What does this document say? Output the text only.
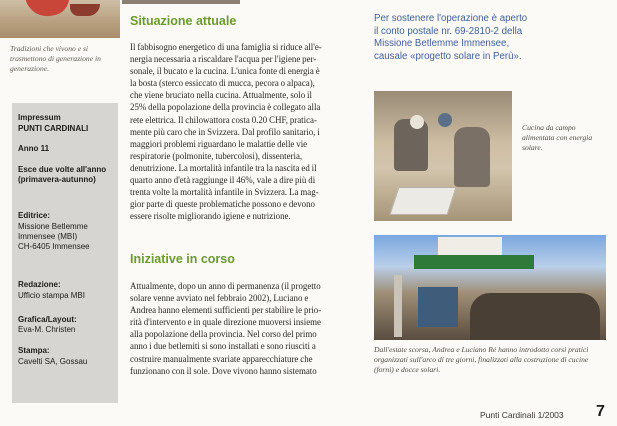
Tradizioni che vivono e si trasmettono di generazione in generazione.
Impressum
PUNTI CARDINALI
Anno 11
Esce due volte all'anno (primavera-autunno)
Editrice:
Missione Betlemme
Immensee (MBI)
CH-6405 Immensee
Redazione:
Ufficio stampa MBI
Grafica/Layout:
Eva-M. Christen
Stampa:
Cavelti SA, Gossau
Situazione attuale
Il fabbisogno energetico di una famiglia si riduce all'e-
nergia necessaria a riscaldare l'acqua per l'igiene per-
sonale, il bucato e la cucina. L'unica fonte di energia è
la bosta (sterco essiccato di mucca, pecora o alpaca),
che viene bruciato nella cucina. Attualmente, solo il
25% della popolazione della provincia è collegato alla
rete elettrica. Il chilowattora costa 0.20 CHF, pratica-
mente più caro che in Svizzera. Dal profilo sanitario, i
maggiori problemi riguardano le malattie delle vie
respiratorie (polmonite, tubercolosi), dissenteria,
denutrizione. La mortalità infantile tra la nascita ed il
quarto anno d'età raggiunge il 46%, vale a dire più di
trenta volte la mortalità infantile in Svizzera. La mag-
gior parte di queste problematiche possono e devono
essere risolte migliorando igiene e nutrizione.
Iniziative in corso
Attualmente, dopo un anno di permanenza (il progetto
solare venne avviato nel febbraio 2002), Luciano e
Andrea hanno elementi sufficienti per stabilire le prio-
rità d'intervento e in quale direzione muoversi insieme
alla popolazione della provincia. Nel corso del primo
anno i due betlemiti si sono installati e sono riusciti a
costruire manualmente svariate apparecchiature che
funzionano con il sole. Dove vivono hanno sistemato
Per sostenere l'operazione è aperto
il conto postale nr. 69-2810-2 della
Missione Betlemme Immensee,
causale «progetto solare in Perù».
Cucina da campo alimentata con energia solare.
Dall'estate scorsa, Andrea e Luciano Ré hanno introdotto corsi pratici organizzati sull'arco di tre giorni, finalizzati alla costruzione di cucine (forni) e docce solari.
Punti Cardinali 1/2003 7
